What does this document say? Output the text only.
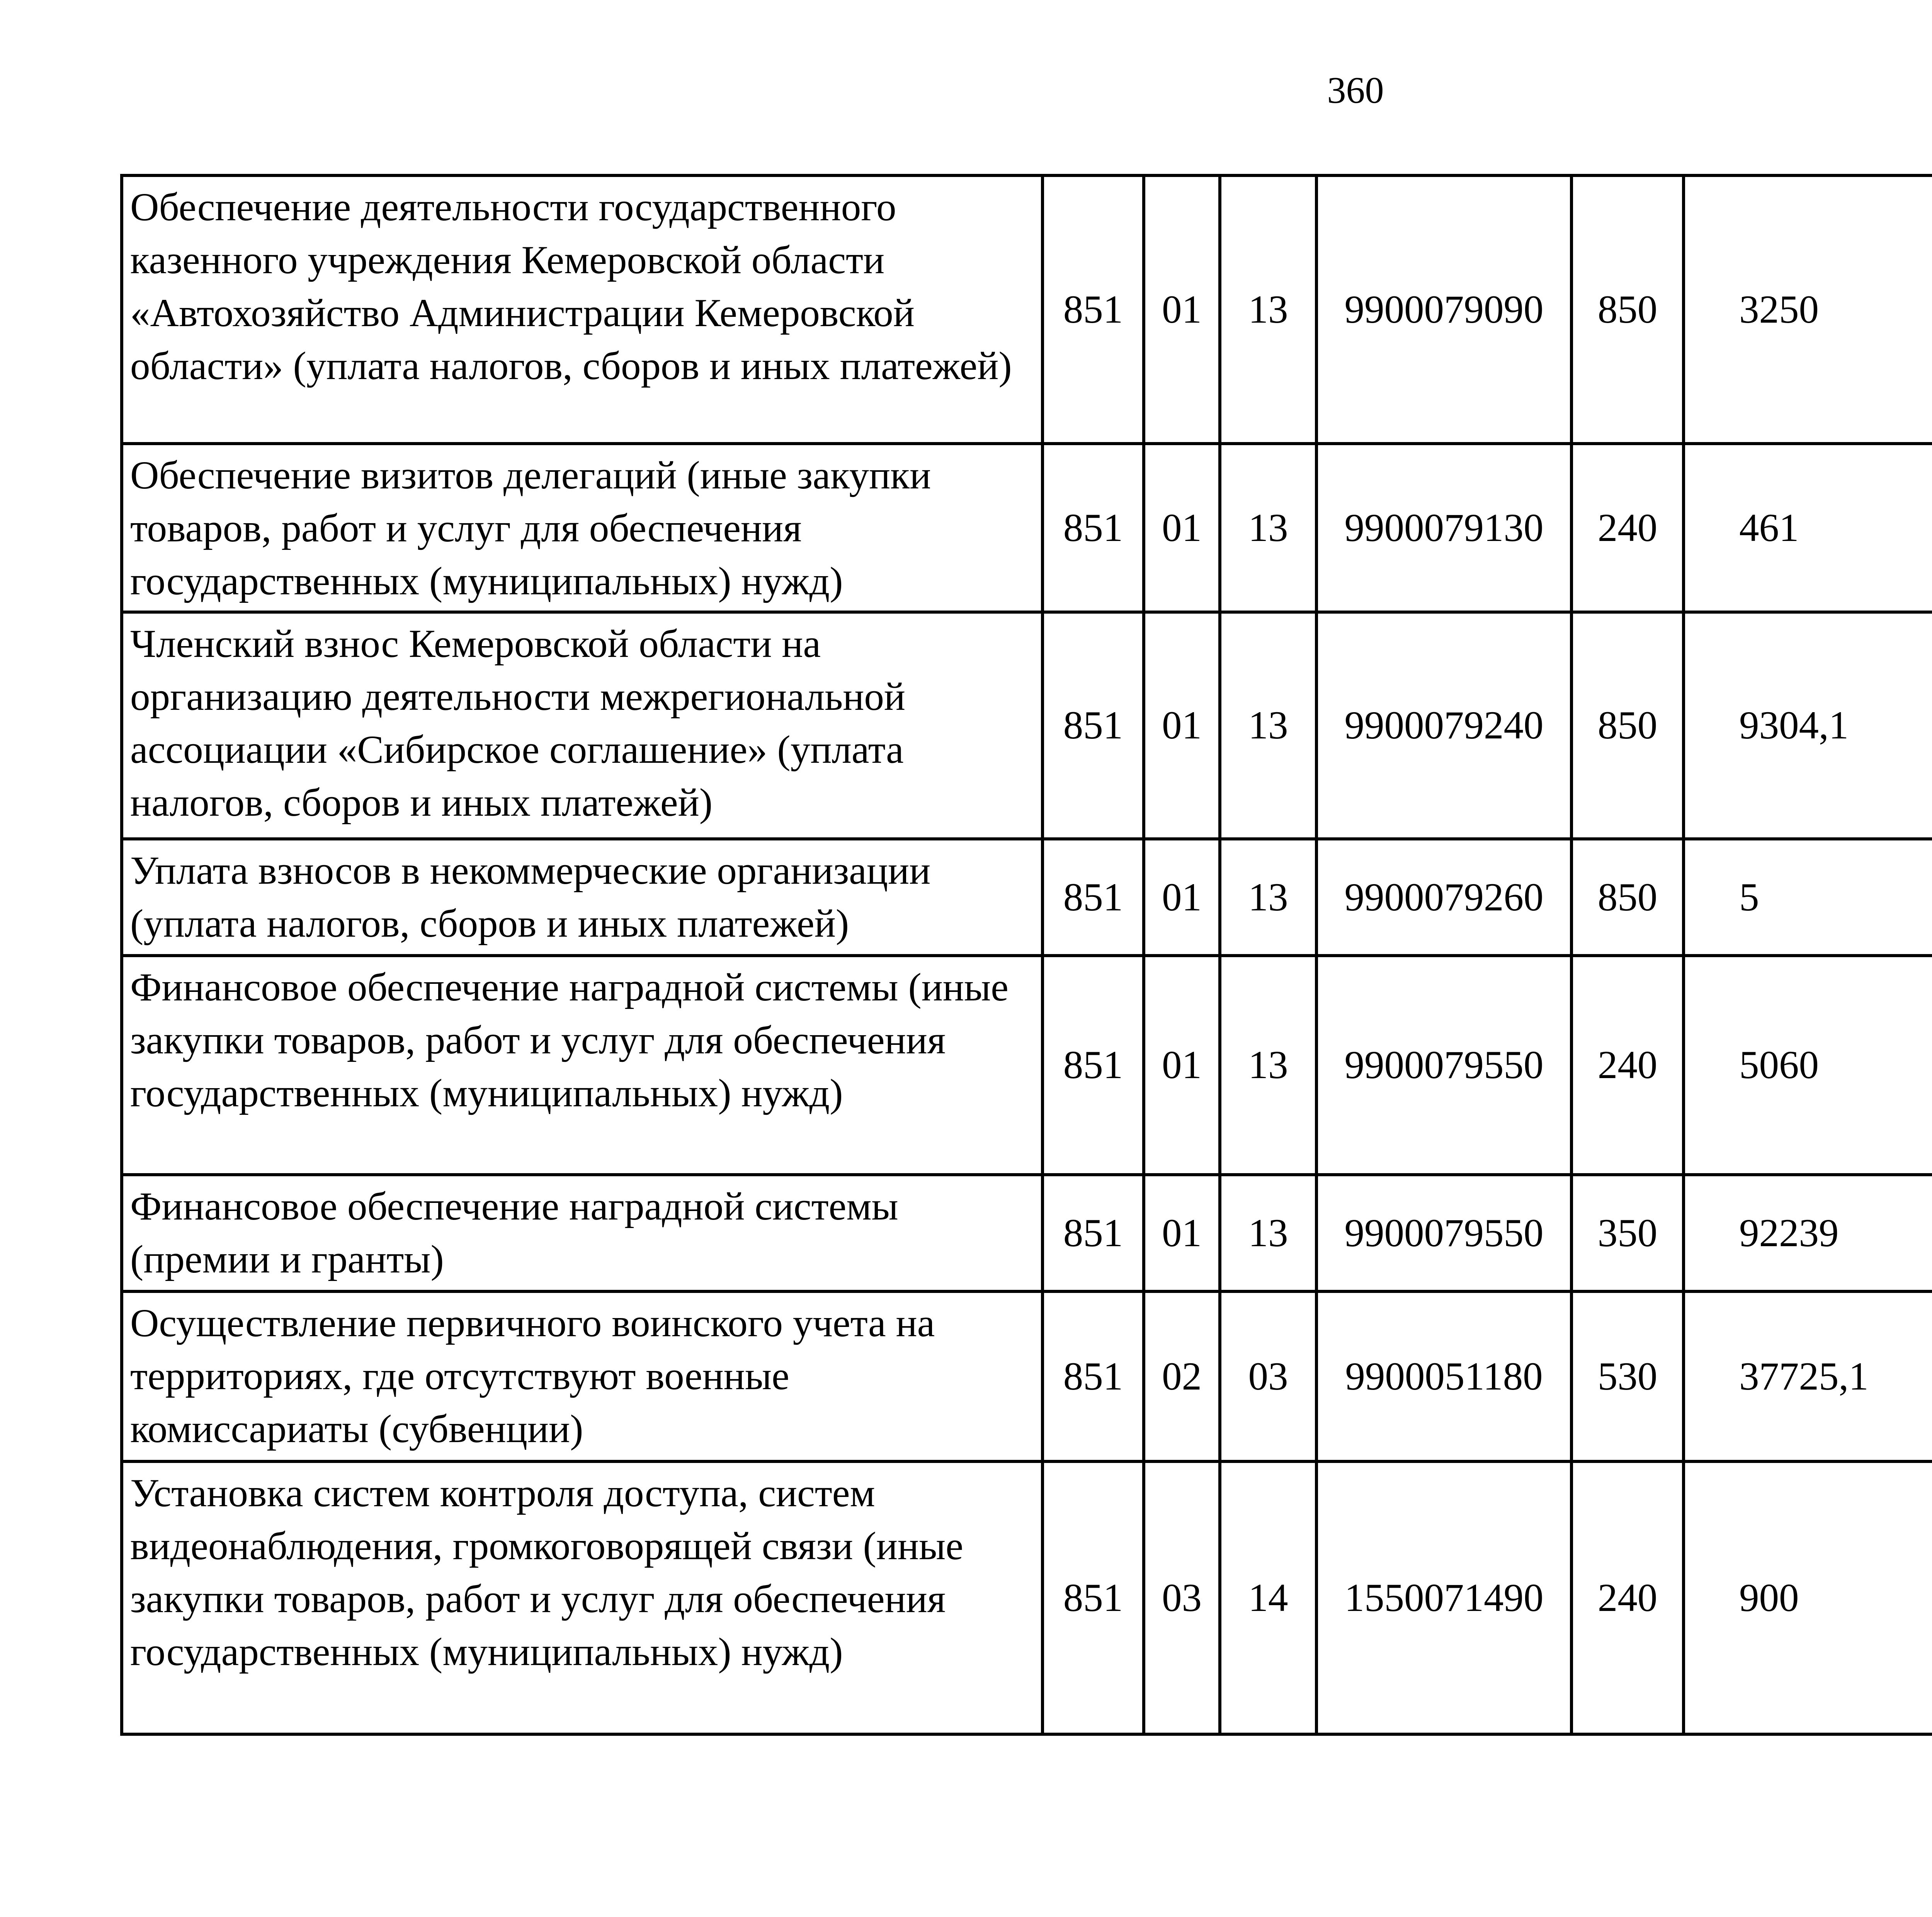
360
Обеспечение деятельности государственного казенного учреждения Кемеровской области «Автохозяйство Администрации Кемеровской области» (уплата налогов, сборов и иных платежей)	851	01	13	9900079090	850	3250		
Обеспечение визитов делегаций (иные закупки товаров, работ и услуг для обеспечения государственных (муниципальных) нужд)	851	01	13	9900079130	240	461		
Членский взнос Кемеровской области на организацию деятельности межрегиональной ассоциации «Сибирское соглашение» (уплата налогов, сборов и иных платежей)	851	01	13	9900079240	850	9304,1		
Уплата взносов в некоммерческие организации (уплата налогов, сборов и иных платежей)	851	01	13	9900079260	850	5		
Финансовое обеспечение наградной системы (иные закупки товаров, работ и услуг для обеспечения государственных (муниципальных) нужд)	851	01	13	9900079550	240	5060		
Финансовое обеспечение наградной системы (премии и гранты)	851	01	13	9900079550	350	92239		
Осуществление первичного воинского учета на территориях, где отсутствуют военные комиссариаты (субвенции)	851	02	03	9900051180	530	37725,1		
Установка систем контроля доступа, систем видеонаблюдения, громкоговорящей связи (иные закупки товаров, работ и услуг для обеспечения государственных (муниципальных) нужд)	851	03	14	1550071490	240	900		
